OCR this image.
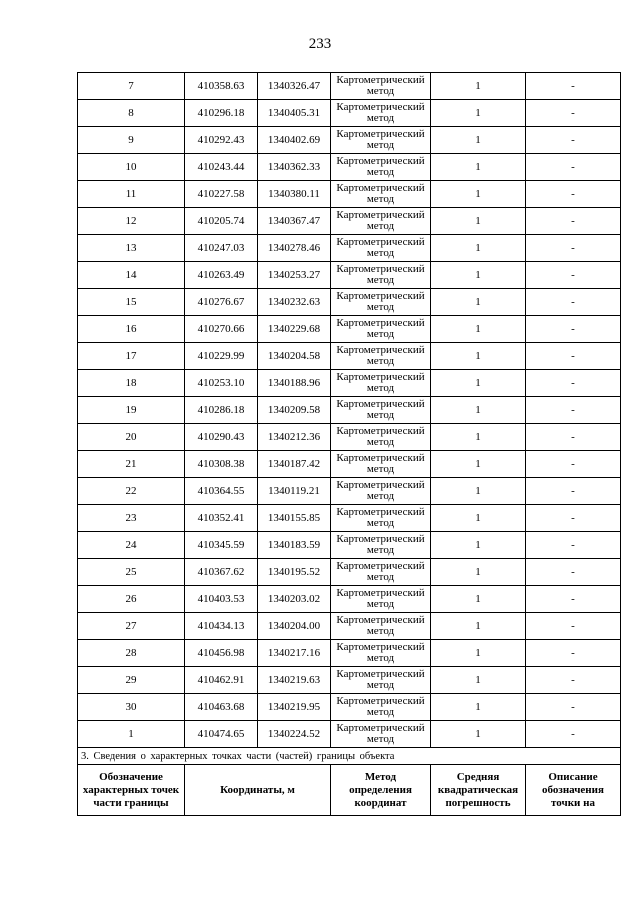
233
7	410358.63	1340326.47	Картометрический метод	1	-
8	410296.18	1340405.31	Картометрический метод	1	-
9	410292.43	1340402.69	Картометрический метод	1	-
10	410243.44	1340362.33	Картометрический метод	1	-
11	410227.58	1340380.11	Картометрический метод	1	-
12	410205.74	1340367.47	Картометрический метод	1	-
13	410247.03	1340278.46	Картометрический метод	1	-
14	410263.49	1340253.27	Картометрический метод	1	-
15	410276.67	1340232.63	Картометрический метод	1	-
16	410270.66	1340229.68	Картометрический метод	1	-
17	410229.99	1340204.58	Картометрический метод	1	-
18	410253.10	1340188.96	Картометрический метод	1	-
19	410286.18	1340209.58	Картометрический метод	1	-
20	410290.43	1340212.36	Картометрический метод	1	-
21	410308.38	1340187.42	Картометрический метод	1	-
22	410364.55	1340119.21	Картометрический метод	1	-
23	410352.41	1340155.85	Картометрический метод	1	-
24	410345.59	1340183.59	Картометрический метод	1	-
25	410367.62	1340195.52	Картометрический метод	1	-
26	410403.53	1340203.02	Картометрический метод	1	-
27	410434.13	1340204.00	Картометрический метод	1	-
28	410456.98	1340217.16	Картометрический метод	1	-
29	410462.91	1340219.63	Картометрический метод	1	-
30	410463.68	1340219.95	Картометрический метод	1	-
1	410474.65	1340224.52	Картометрический метод	1	-
3. Сведения о характерных точках части (частей) границы объекта					
Обозначение характерных точек части границы	Координаты, м		Метод определения координат	Средняя квадратическая погрешность	Описание обозначения точки на
